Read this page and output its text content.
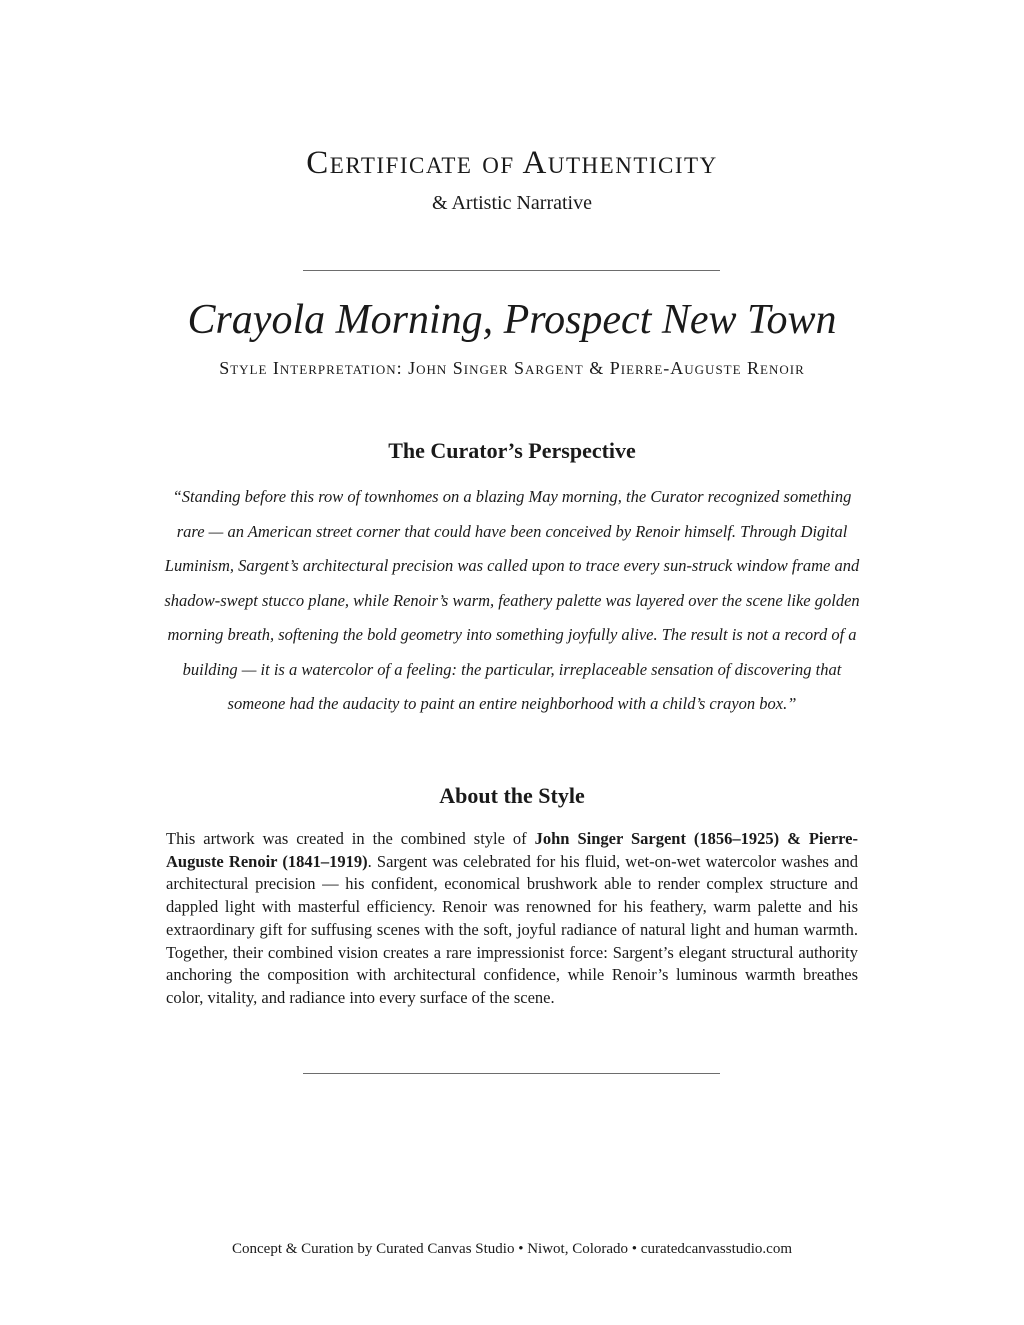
Certificate of Authenticity
& Artistic Narrative
Crayola Morning, Prospect New Town
Style Interpretation: John Singer Sargent & Pierre-Auguste Renoir
The Curator’s Perspective
“Standing before this row of townhomes on a blazing May morning, the Curator recognized something rare — an American street corner that could have been conceived by Renoir himself. Through Digital Luminism, Sargent’s architectural precision was called upon to trace every sun-struck window frame and shadow-swept stucco plane, while Renoir’s warm, feathery palette was layered over the scene like golden morning breath, softening the bold geometry into something joyfully alive. The result is not a record of a building — it is a watercolor of a feeling: the particular, irreplaceable sensation of discovering that someone had the audacity to paint an entire neighborhood with a child’s crayon box.”
About the Style
This artwork was created in the combined style of John Singer Sargent (1856–1925) & Pierre-Auguste Renoir (1841–1919). Sargent was celebrated for his fluid, wet-on-wet watercolor washes and architectural precision — his confident, economical brushwork able to render complex structure and dappled light with masterful efficiency. Renoir was renowned for his feathery, warm palette and his extraordinary gift for suffusing scenes with the soft, joyful radiance of natural light and human warmth. Together, their combined vision creates a rare impressionist force: Sargent’s elegant structural authority anchoring the composition with architectural confidence, while Renoir’s luminous warmth breathes color, vitality, and radiance into every surface of the scene.
Concept & Curation by Curated Canvas Studio • Niwot, Colorado • curatedcanvasstudio.com
